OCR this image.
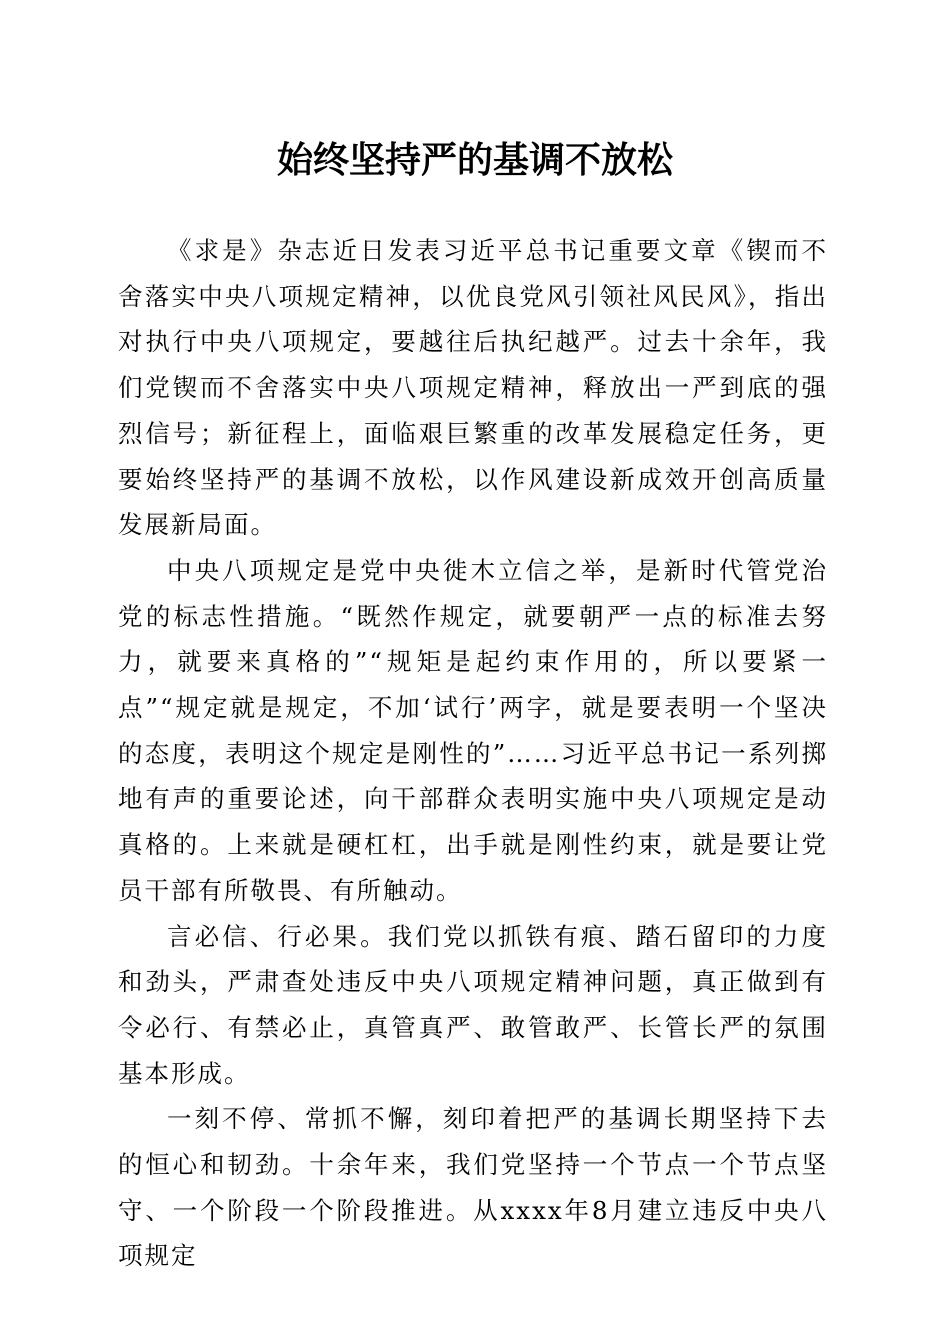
始终坚持严的基调不放松

《求是》杂志近日发表习近平总书记重要文章《锲而不舍落实中央八项规定精神，以优良党风引领社风民风》，指出对执行中央八项规定，要越往后执纪越严。过去十余年，我们党锲而不舍落实中央八项规定精神，释放出一严到底的强烈信号；新征程上，面临艰巨繁重的改革发展稳定任务，更要始终坚持严的基调不放松，以作风建设新成效开创高质量发展新局面。

中央八项规定是党中央徙木立信之举，是新时代管党治党的标志性措施。“既然作规定，就要朝严一点的标准去努力，就要来真格的”“规矩是起约束作用的，所以要紧一点”“规定就是规定，不加‘试行’两字，就是要表明一个坚决的态度，表明这个规定是刚性的”……习近平总书记一系列掷地有声的重要论述，向干部群众表明实施中央八项规定是动真格的。上来就是硬杠杠，出手就是刚性约束，就是要让党员干部有所敬畏、有所触动。

言必信、行必果。我们党以抓铁有痕、踏石留印的力度和劲头，严肃查处违反中央八项规定精神问题，真正做到有令必行、有禁必止，真管真严、敢管敢严、长管长严的氛围基本形成。

一刻不停、常抓不懈，刻印着把严的基调长期坚持下去的恒心和韧劲。十余年来，我们党坚持一个节点一个节点坚守、一个阶段一个阶段推进。从xxxx年8月建立违反中央八项规定
